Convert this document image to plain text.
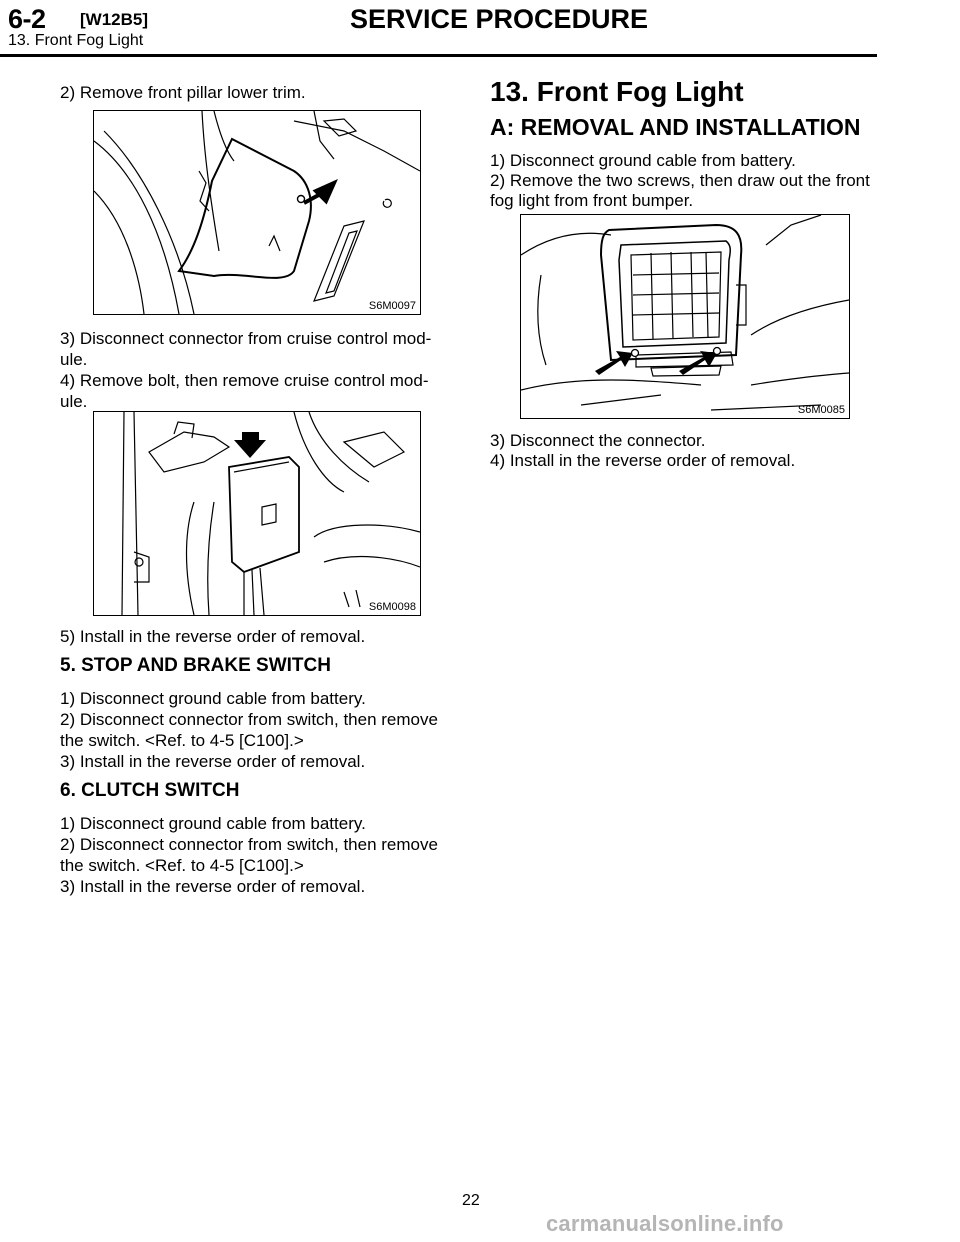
6-2 [W12B5]	SERVICE PROCEDURE
13. Front Fog Light
2) Remove front pillar lower trim.
S6M0097
3) Disconnect connector from cruise control mod-
ule.
4) Remove bolt, then remove cruise control mod-
ule.
S6M0098
5) Install in the reverse order of removal.
5. STOP AND BRAKE SWITCH
1) Disconnect ground cable from battery.
2) Disconnect connector from switch, then remove
the switch. <Ref. to 4-5 [C100].>
3) Install in the reverse order of removal.
6. CLUTCH SWITCH
1) Disconnect ground cable from battery.
2) Disconnect connector from switch, then remove
the switch. <Ref. to 4-5 [C100].>
3) Install in the reverse order of removal.
13. Front Fog Light
A: REMOVAL AND INSTALLATION
1) Disconnect ground cable from battery.
2) Remove the two screws, then draw out the front
fog light from front bumper.
S6M0085
3) Disconnect the connector.
4) Install in the reverse order of removal.
22
carmanualsonline.info
